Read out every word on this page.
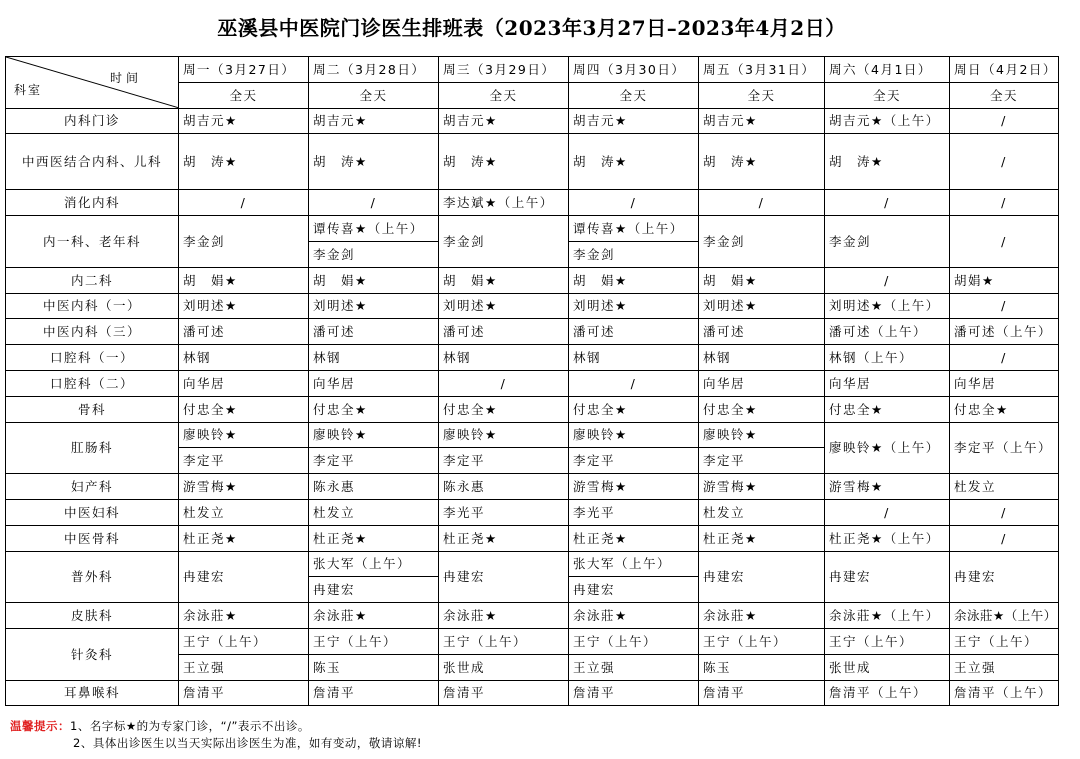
巫溪县中医院门诊医生排班表（2023年3月27日–2023年4月2日）
科室
时间	周一（3月27日）	周二（3月28日）	周三（3月29日）	周四（3月30日）	周五（3月31日）	周六（4月1日）	周日（4月2日）
	全天	全天	全天	全天	全天	全天	全天
内科门诊	胡吉元★	胡吉元★	胡吉元★	胡吉元★	胡吉元★	胡吉元★（上午）	/
中西医结合内科、儿科	胡　涛★	胡　涛★	胡　涛★	胡　涛★	胡　涛★	胡　涛★	/
消化内科	/	/	李达斌★（上午）	/	/	/	/
内一科、老年科	李金剑	谭传喜★（上午）	李金剑	谭传喜★（上午）	李金剑	李金剑	/
		李金剑		李金剑			
内二科	胡　娟★	胡　娟★	胡　娟★	胡　娟★	胡　娟★	/	胡娟★
中医内科（一）	刘明述★	刘明述★	刘明述★	刘明述★	刘明述★	刘明述★（上午）	/
中医内科（三）	潘可述	潘可述	潘可述	潘可述	潘可述	潘可述（上午）	潘可述（上午）
口腔科（一）	林钢	林钢	林钢	林钢	林钢	林钢（上午）	/
口腔科（二）	向华居	向华居	/	/	向华居	向华居	向华居
骨科	付忠全★	付忠全★	付忠全★	付忠全★	付忠全★	付忠全★	付忠全★
肛肠科	廖映铃★	廖映铃★	廖映铃★	廖映铃★	廖映铃★	廖映铃★（上午）	李定平（上午）
	李定平	李定平	李定平	李定平	李定平		
妇产科	游雪梅★	陈永惠	陈永惠	游雪梅★	游雪梅★	游雪梅★	杜发立
中医妇科	杜发立	杜发立	李光平	李光平	杜发立	/	/
中医骨科	杜正尧★	杜正尧★	杜正尧★	杜正尧★	杜正尧★	杜正尧★（上午）	/
普外科	冉建宏	张大军（上午）	冉建宏	张大军（上午）	冉建宏	冉建宏	冉建宏
		冉建宏		冉建宏			
皮肤科	余泳莊★	余泳莊★	余泳莊★	余泳莊★	余泳莊★	余泳莊★（上午）	余泳莊★（上午）
针灸科	王宁（上午）	王宁（上午）	王宁（上午）	王宁（上午）	王宁（上午）	王宁（上午）	王宁（上午）
	王立强	陈玉	张世成	王立强	陈玉	张世成	王立强
耳鼻喉科	詹清平	詹清平	詹清平	詹清平	詹清平	詹清平（上午）	詹清平（上午）
温馨提示：1、名字标★的为专家门诊，“/”表示不出诊。
2、具体出诊医生以当天实际出诊医生为准，如有变动，敬请谅解!
